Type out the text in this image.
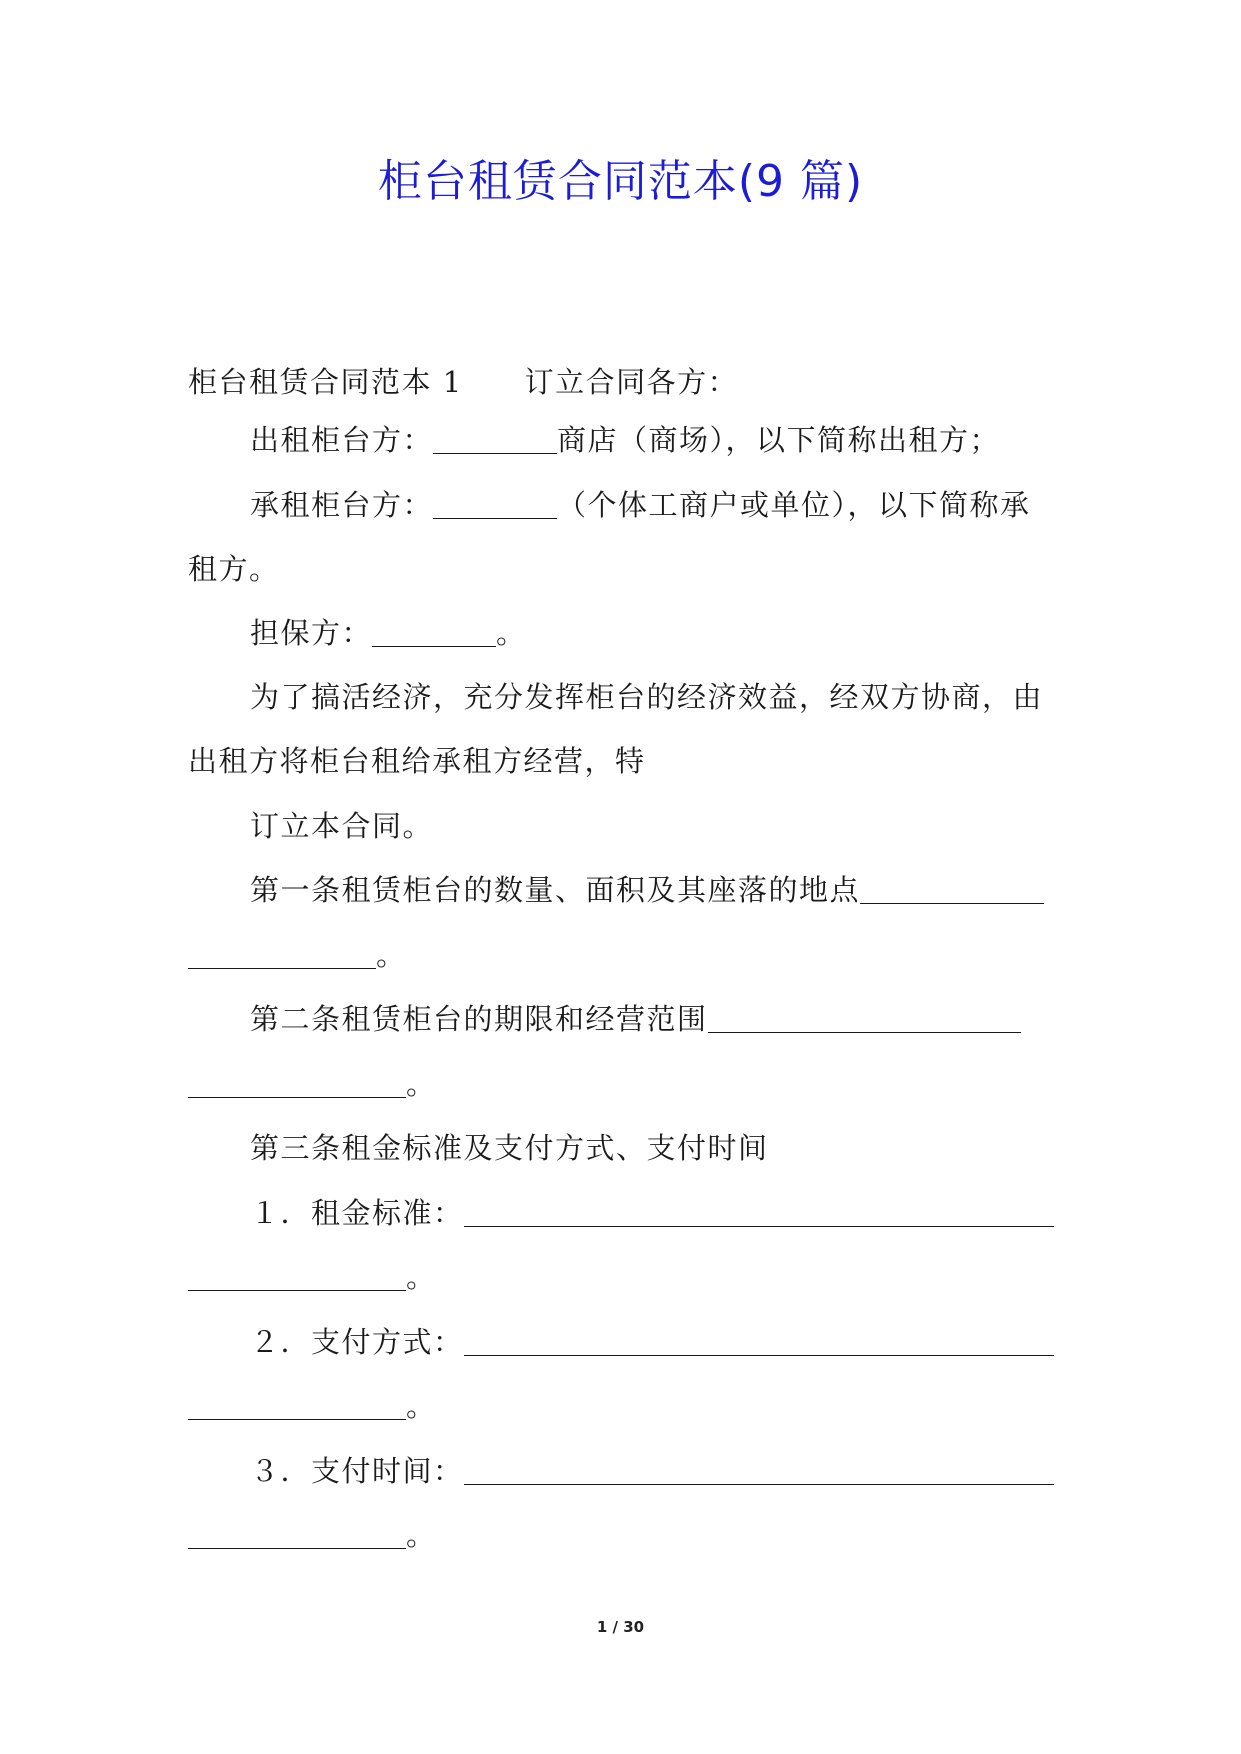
柜台租赁合同范本(9 篇)
柜台租赁合同范本 1 订立合同各方：
出租柜台方：	商店（商场），以下简称出租方；
承租柜台方：	（个体工商户或单位），以下简称承
租方。
担保方：	。
为了搞活经济，充分发挥柜台的经济效益，经双方协商，由
出租方将柜台租给承租方经营，特
订立本合同。
第一条租赁柜台的数量、面积及其座落的地点
。
第二条租赁柜台的期限和经营范围
。
第三条租金标准及支付方式、支付时间
１．租金标准：
。
２．支付方式：
。
３．支付时间：
。
1 / 30
